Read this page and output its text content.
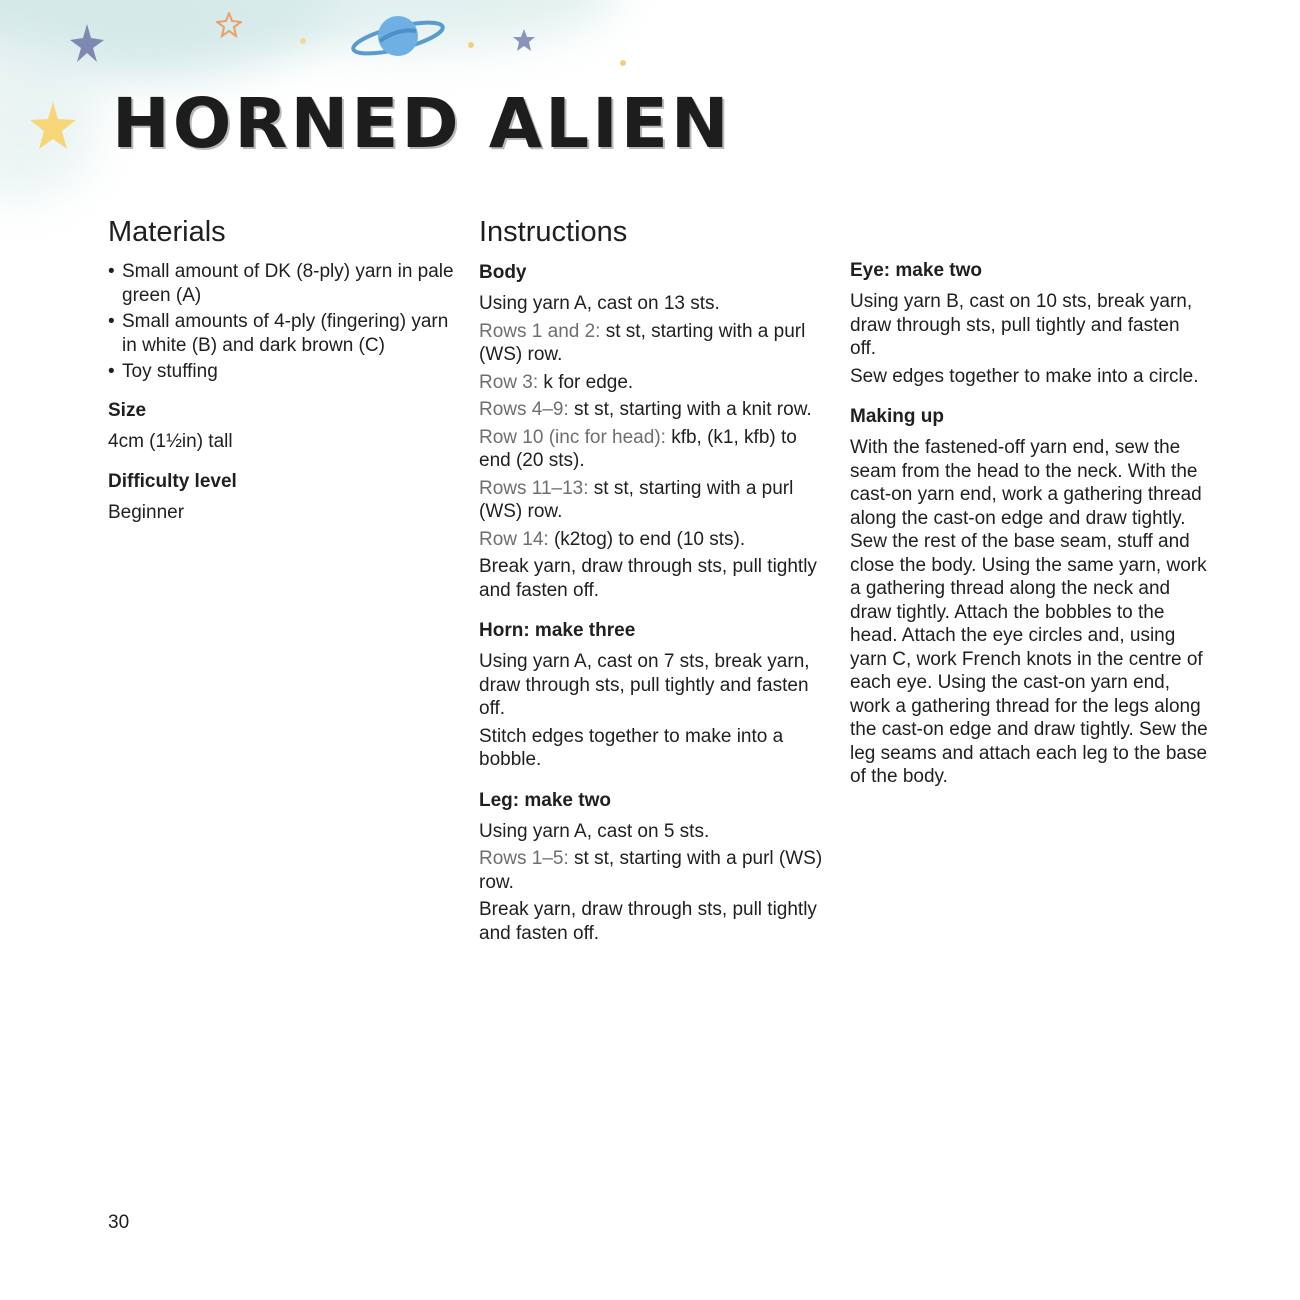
HORNED ALIEN
Materials
• Small amount of DK (8-ply) yarn in pale green (A)
• Small amounts of 4-ply (fingering) yarn in white (B) and dark brown (C)
• Toy stuffing
Size

4cm (1½in) tall

Difficulty level

Beginner

Instructions
Body

Using yarn A, cast on 13 sts.

Rows 1 and 2: st st, starting with a purl (WS) row.

Row 3: k for edge.

Rows 4–9: st st, starting with a knit row.

Row 10 (inc for head): kfb, (k1, kfb) to end (20 sts).

Rows 11–13: st st, starting with a purl (WS) row.

Row 14: (k2tog) to end (10 sts).

Break yarn, draw through sts, pull tightly and fasten off.

Horn: make three

Using yarn A, cast on 7 sts, break yarn, draw through sts, pull tightly and fasten off.

Stitch edges together to make into a bobble.

Leg: make two

Using yarn A, cast on 5 sts.

Rows 1–5: st st, starting with a purl (WS) row.

Break yarn, draw through sts, pull tightly and fasten off.

Eye: make two

Using yarn B, cast on 10 sts, break yarn, draw through sts, pull tightly and fasten off.

Sew edges together to make into a circle.

Making up

With the fastened-off yarn end, sew the seam from the head to the neck. With the cast-on yarn end, work a gathering thread along the cast-on edge and draw tightly. Sew the rest of the base seam, stuff and close the body. Using the same yarn, work a gathering thread along the neck and draw tightly. Attach the bobbles to the head. Attach the eye circles and, using yarn C, work French knots in the centre of each eye. Using the cast-on yarn end, work a gathering thread for the legs along the cast-on edge and draw tightly. Sew the leg seams and attach each leg to the base of the body.

30
